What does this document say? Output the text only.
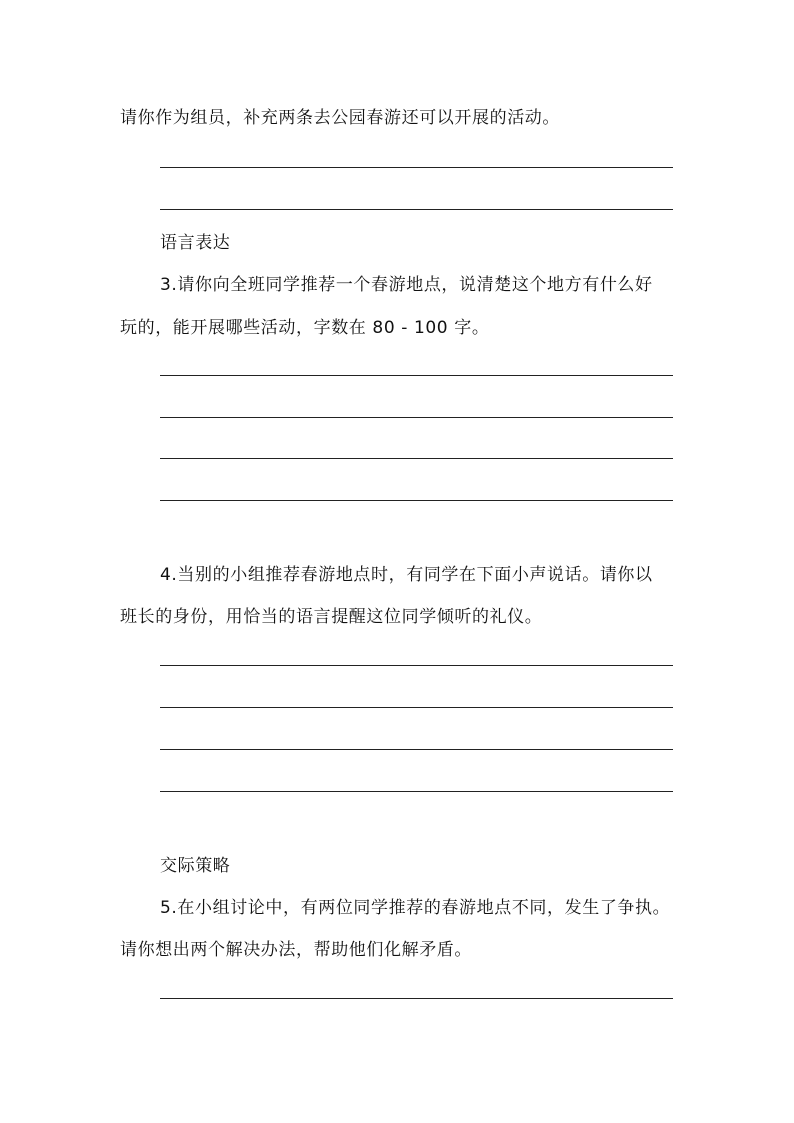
请你作为组员，补充两条去公园春游还可以开展的活动。
语言表达
3.请你向全班同学推荐一个春游地点，说清楚这个地方有什么好
玩的，能开展哪些活动，字数在 80 - 100 字。
4.当别的小组推荐春游地点时，有同学在下面小声说话。请你以
班长的身份，用恰当的语言提醒这位同学倾听的礼仪。
交际策略
5.在小组讨论中，有两位同学推荐的春游地点不同，发生了争执。
请你想出两个解决办法，帮助他们化解矛盾。
